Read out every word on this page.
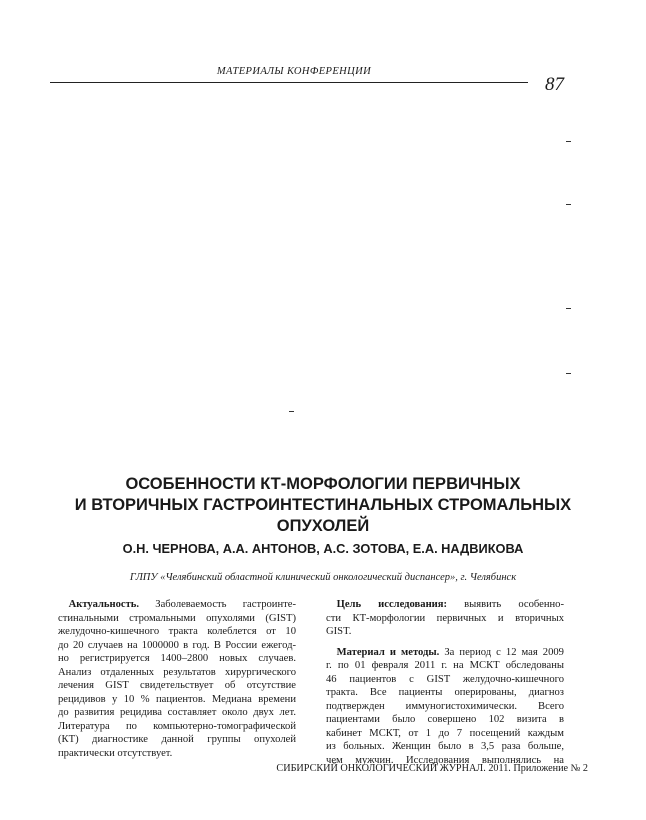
МАТЕРИАЛЫ КОНФЕРЕНЦИИ
87
ОСОБЕННОСТИ КТ-МОРФОЛОГИИ ПЕРВИЧНЫХ
И ВТОРИЧНЫХ ГАСТРОИНТЕСТИНАЛЬНЫХ СТРОМАЛЬНЫХ
ОПУХОЛЕЙ
О.Н. ЧЕРНОВА, А.А. АНТОНОВ, А.С. ЗОТОВА, Е.А. НАДВИКОВА
ГЛПУ «Челябинский областной клинический онкологический диспансер», г. Челябинск

 Актуальность. Заболеваемость гастроинте-
стинальными стромальными опухолями (GIST)
желудочно-кишечного тракта колеблется от 10
до 20 случаев на 1000000 в год. В России ежегод-
но регистрируется 1400–2800 новых случаев.
Анализ отдаленных результатов хирургического
лечения GIST свидетельствует об отсутствие
рецидивов у 10 % пациентов. Медиана времени
до развития рецидива составляет около двух лет.
Литература по компьютерно-томографической
(КТ) диагностике данной группы опухолей
практически отсутствует.

 Цель исследования: выявить особенно-
сти КТ-морфологии первичных и вторичных
GIST.

 Материал и методы. За период с 12 мая 2009
г. по 01 февраля 2011 г. на МСКТ обследованы
46 пациентов с GIST желудочно-кишечного
тракта. Все пациенты оперированы, диагноз
подтвержден иммуногистохимически. Всего
пациентами было совершено 102 визита в
кабинет МСКТ, от 1 до 7 посещений каждым
из больных. Женщин было в 3,5 раза больше,
чем мужчин. Исследования выполнялись на

СИБИРСКИЙ ОНКОЛОГИЧЕСКИЙ ЖУРНАЛ. 2011. Приложение № 2
